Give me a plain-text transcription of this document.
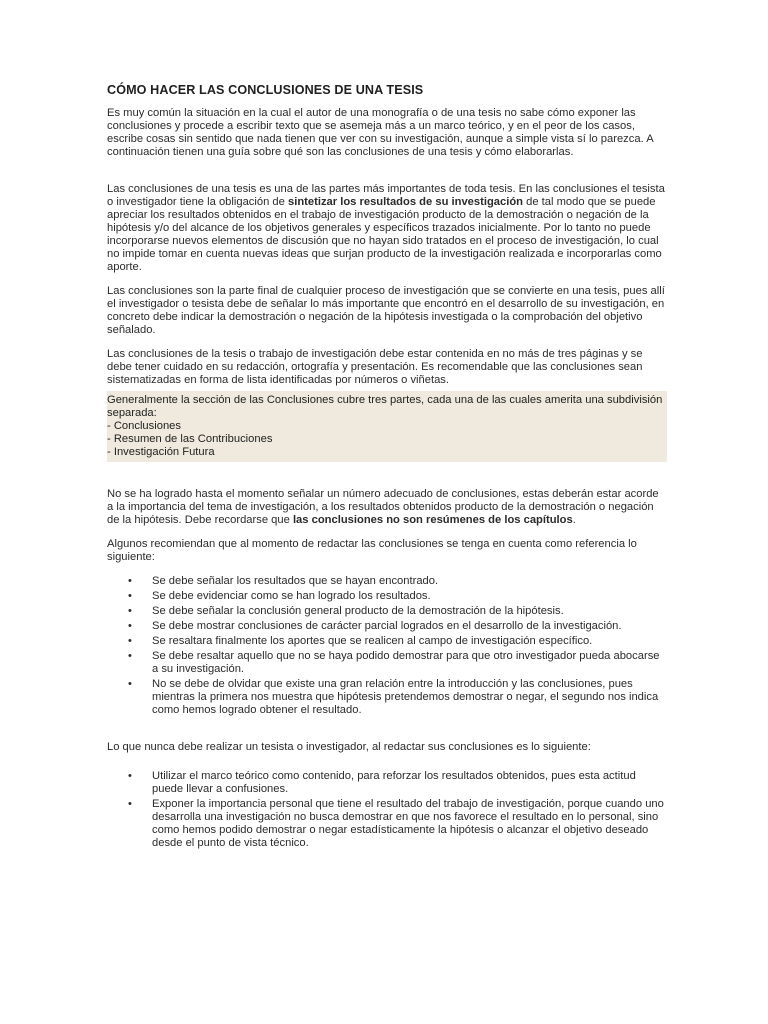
CÓMO HACER LAS CONCLUSIONES DE UNA TESIS

Es muy común la situación en la cual el autor de una monografía o de una tesis no sabe cómo exponer las conclusiones y procede a escribir texto que se asemeja más a un marco teórico, y en el peor de los casos, escribe cosas sin sentido que nada tienen que ver con su investigación, aunque a simple vista sí lo parezca. A continuación tienen una guía sobre qué son las conclusiones de una tesis y cómo elaborarlas.

Las conclusiones de una tesis es una de las partes más importantes de toda tesis. En las conclusiones el tesista o investigador tiene la obligación de sintetizar los resultados de su investigación de tal modo que se puede apreciar los resultados obtenidos en el trabajo de investigación producto de la demostración o negación de la hipótesis y/o del alcance de los objetivos generales y específicos trazados inicialmente. Por lo tanto no puede incorporarse nuevos elementos de discusión que no hayan sido tratados en el proceso de investigación, lo cual no impide tomar en cuenta nuevas ideas que surjan producto de la investigación realizada e incorporarlas como aporte.

Las conclusiones son la parte final de cualquier proceso de investigación que se convierte en una tesis, pues allí el investigador o tesista debe de señalar lo más importante que encontró en el desarrollo de su investigación, en concreto debe indicar la demostración o negación de la hipótesis investigada o la comprobación del objetivo señalado.

Las conclusiones de la tesis o trabajo de investigación debe estar contenida en no más de tres páginas y se debe tener cuidado en su redacción, ortografía y presentación. Es recomendable que las conclusiones sean sistematizadas en forma de lista identificadas por números o viñetas.

Generalmente la sección de las Conclusiones cubre tres partes, cada una de las cuales amerita una subdivisión separada:
- Conclusiones
- Resumen de las Contribuciones
- Investigación Futura

No se ha logrado hasta el momento señalar un número adecuado de conclusiones, estas deberán estar acorde a la importancia del tema de investigación, a los resultados obtenidos producto de la demostración o negación de la hipótesis. Debe recordarse que las conclusiones no son resúmenes de los capítulos.

Algunos recomiendan que al momento de redactar las conclusiones se tenga en cuenta como referencia lo siguiente:

• Se debe señalar los resultados que se hayan encontrado.
• Se debe evidenciar como se han logrado los resultados.
• Se debe señalar la conclusión general producto de la demostración de la hipótesis.
• Se debe mostrar conclusiones de carácter parcial logrados en el desarrollo de la investigación.
• Se resaltara finalmente los aportes que se realicen al campo de investigación específico.
• Se debe resaltar aquello que no se haya podido demostrar para que otro investigador pueda abocarse a su investigación.
• No se debe de olvidar que existe una gran relación entre la introducción y las conclusiones, pues mientras la primera nos muestra que hipótesis pretendemos demostrar o negar, el segundo nos indica como hemos logrado obtener el resultado.

Lo que nunca debe realizar un tesista o investigador, al redactar sus conclusiones es lo siguiente:

• Utilizar el marco teórico como contenido, para reforzar los resultados obtenidos, pues esta actitud puede llevar a confusiones.
• Exponer la importancia personal que tiene el resultado del trabajo de investigación, porque cuando uno desarrolla una investigación no busca demostrar en que nos favorece el resultado en lo personal, sino como hemos podido demostrar o negar estadísticamente la hipótesis o alcanzar el objetivo deseado desde el punto de vista técnico.
